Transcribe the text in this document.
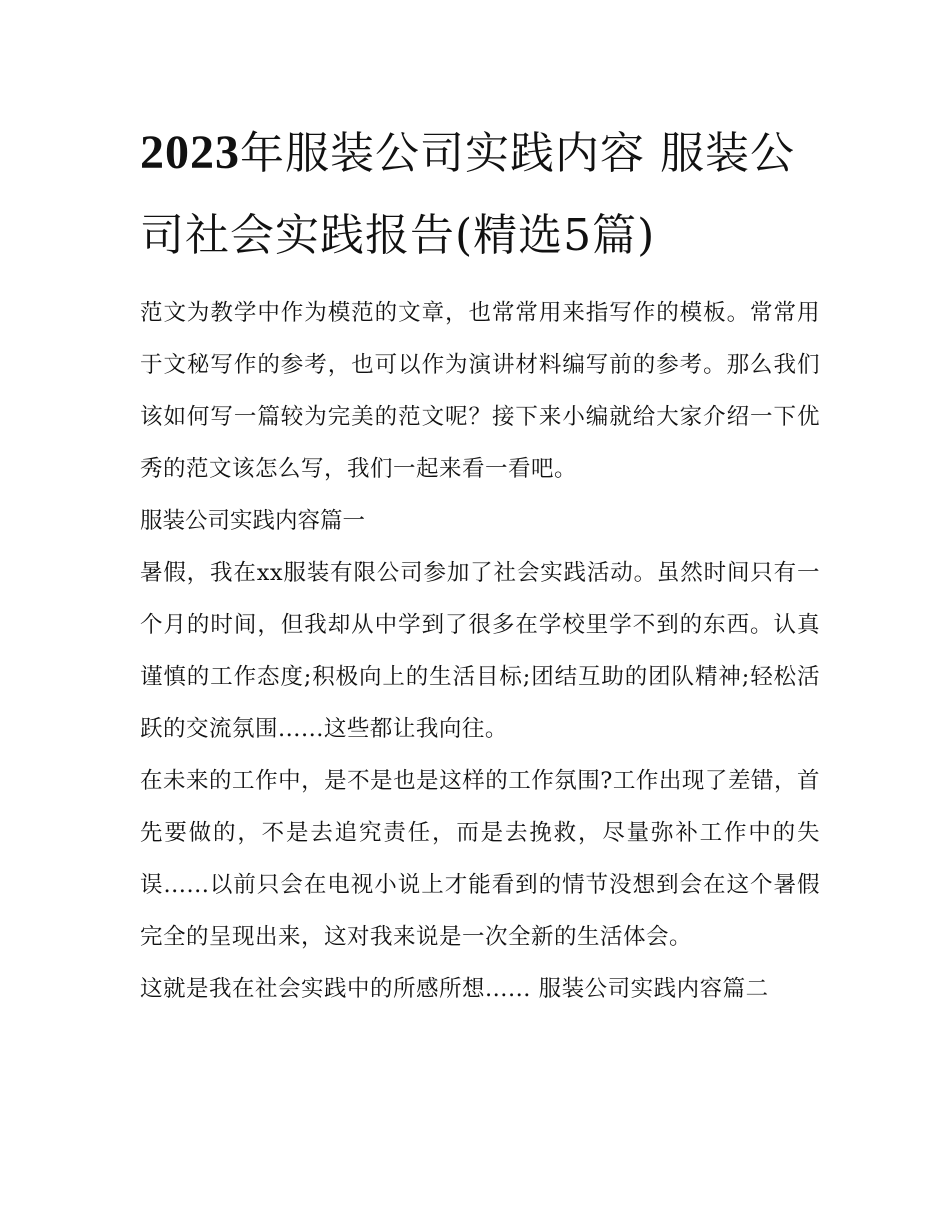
2023年服装公司实践内容 服装公司社会实践报告(精选5篇)

范文为教学中作为模范的文章，也常常用来指写作的模板。常常用于文秘写作的参考，也可以作为演讲材料编写前的参考。那么我们该如何写一篇较为完美的范文呢？接下来小编就给大家介绍一下优秀的范文该怎么写，我们一起来看一看吧。

服装公司实践内容篇一

暑假，我在xx服装有限公司参加了社会实践活动。虽然时间只有一个月的时间，但我却从中学到了很多在学校里学不到的东西。认真谨慎的工作态度;积极向上的生活目标;团结互助的团队精神;轻松活跃的交流氛围......这些都让我向往。

在未来的工作中，是不是也是这样的工作氛围?工作出现了差错，首先要做的，不是去追究责任，而是去挽救，尽量弥补工作中的失误......以前只会在电视小说上才能看到的情节没想到会在这个暑假完全的呈现出来，这对我来说是一次全新的生活体会。

这就是我在社会实践中的所感所想...... 服装公司实践内容篇二
